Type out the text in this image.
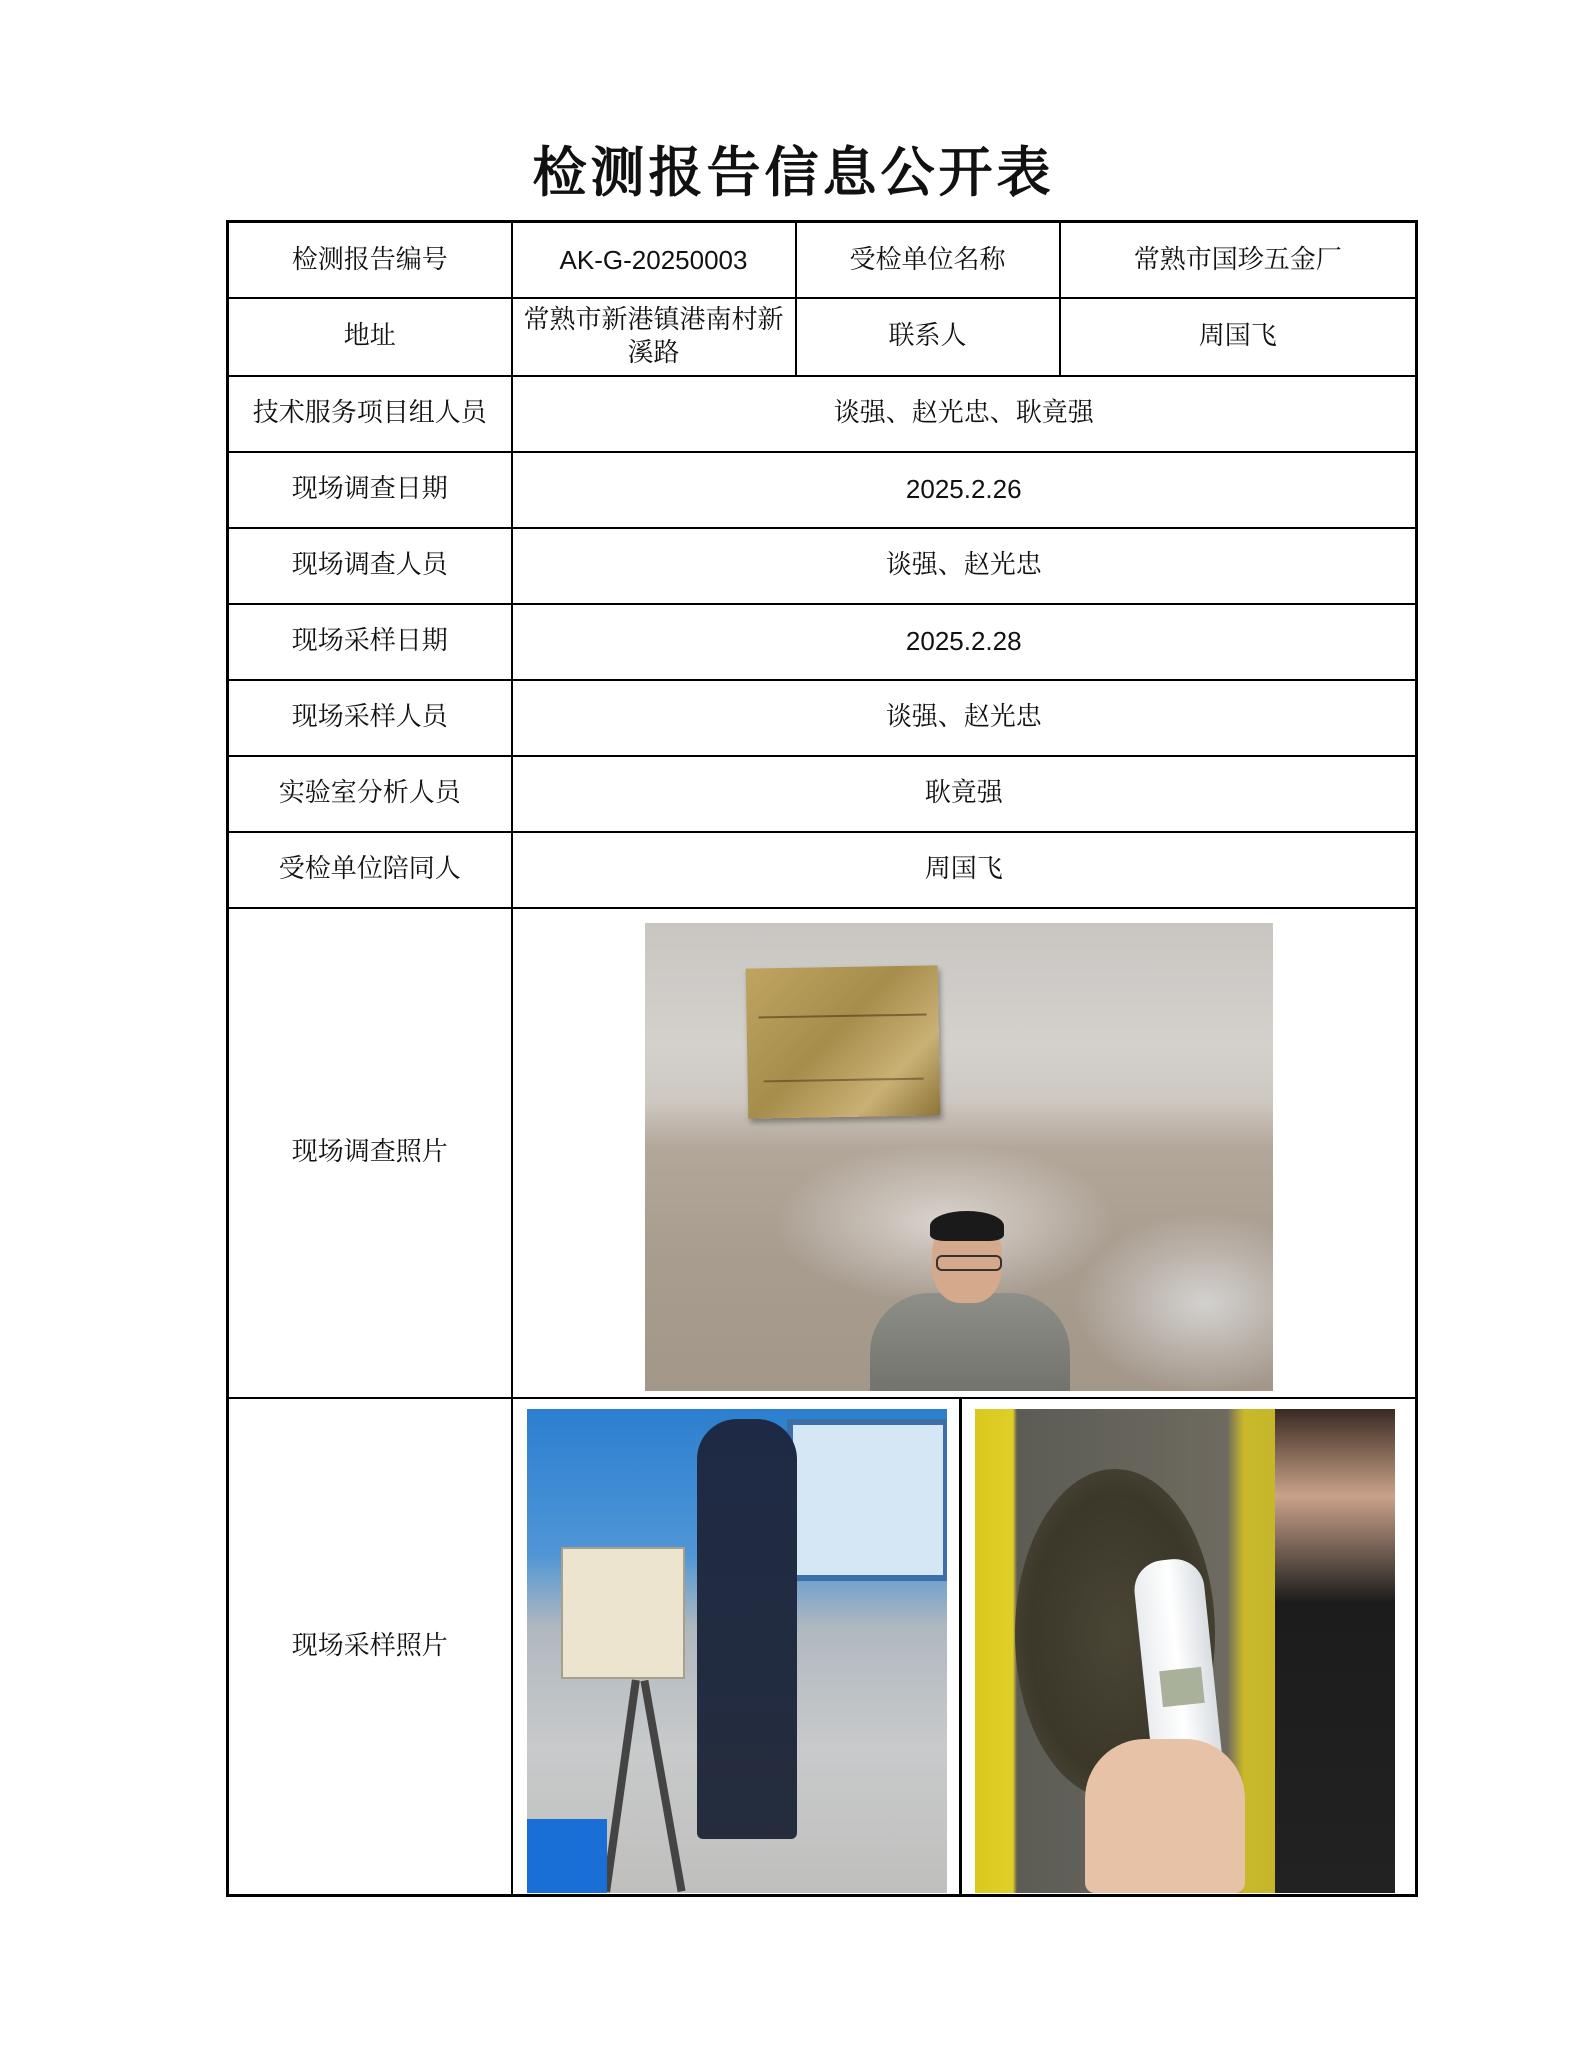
检测报告信息公开表
检测报告编号	AK-G-20250003	受检单位名称	常熟市国珍五金厂
地址	常熟市新港镇港南村新溪路	联系人	周国飞
技术服务项目组人员	谈强、赵光忠、耿竟强		
现场调查日期	2025.2.26		
现场调查人员	谈强、赵光忠		
现场采样日期	2025.2.28		
现场采样人员	谈强、赵光忠		
实验室分析人员	耿竟强		
受检单位陪同人	周国飞		
现场调查照片			

现场采样照片			
